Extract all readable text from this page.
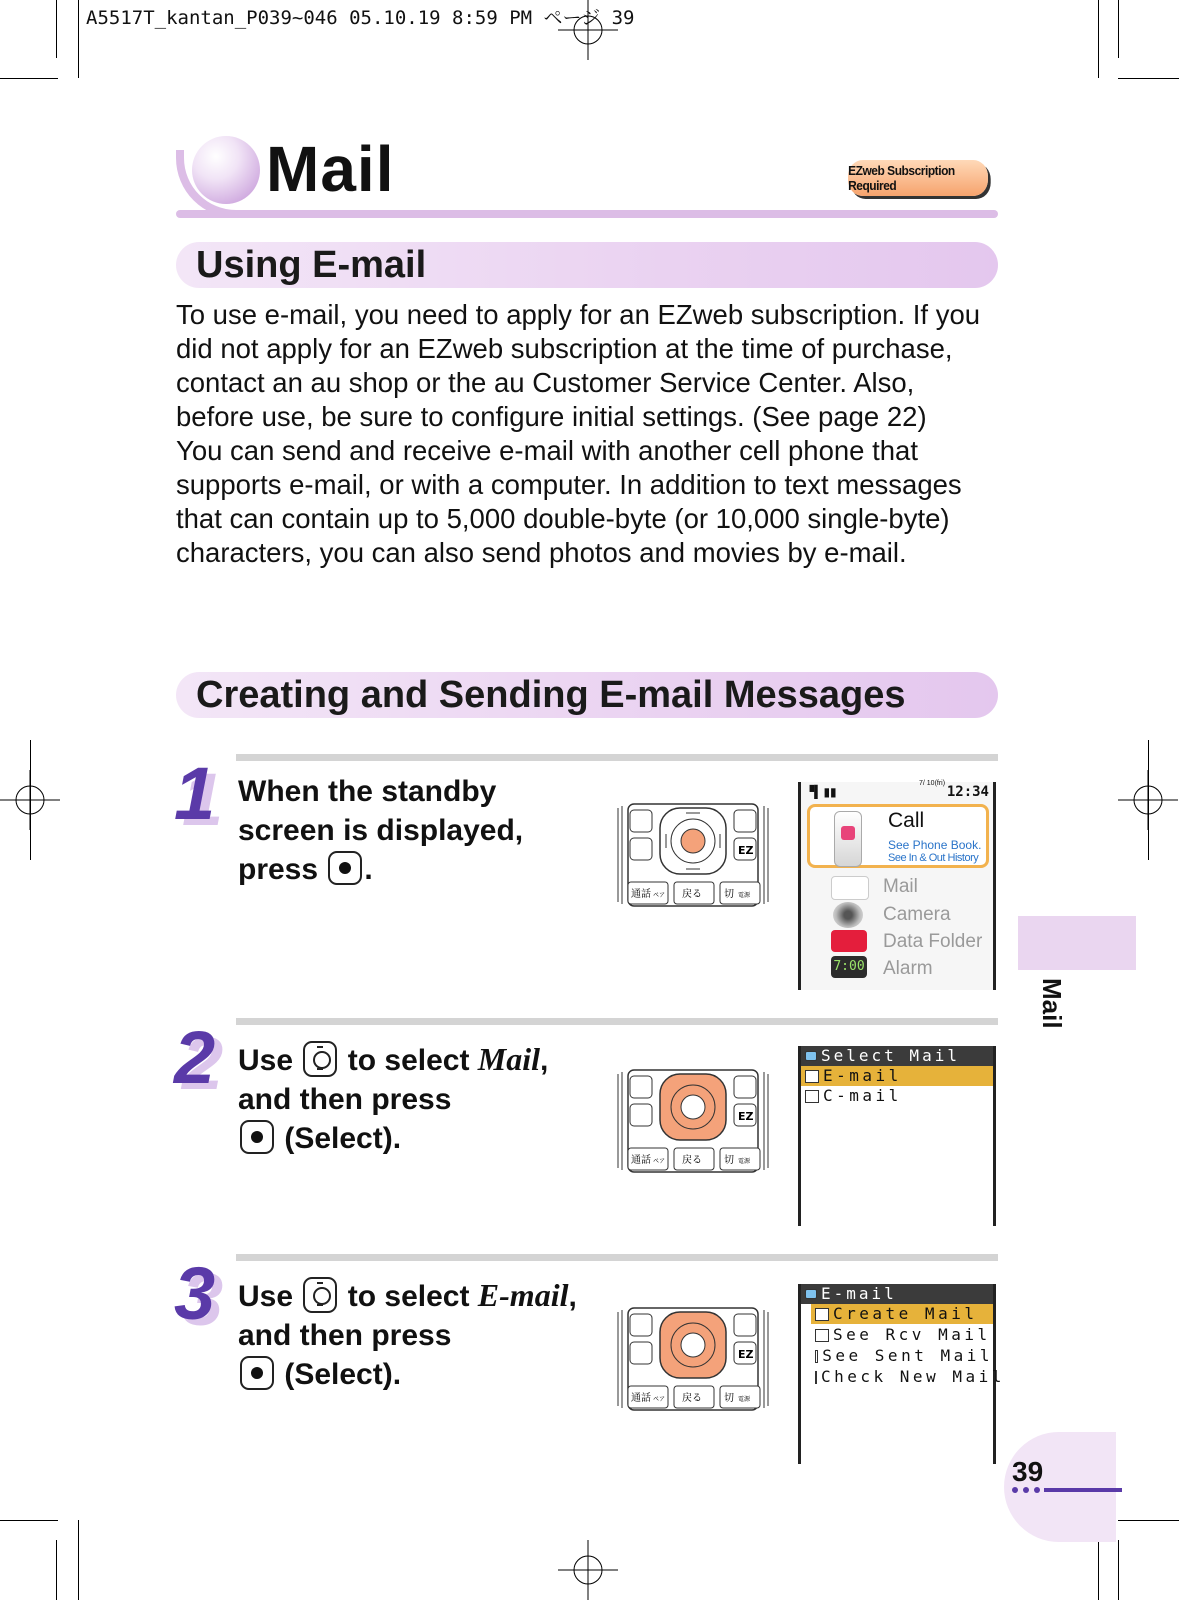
A5517T_kantan_P039~046 05.10.19 8:59 PM ページ 39
Mail	EZweb Subscription Required
Using E-mail

To use e-mail, you need to apply for an EZweb subscription. If you did not apply for an EZweb subscription at the time of purchase, contact an au shop or the au Customer Service Center. Also, before use, be sure to configure initial settings. (See page 22)

You can send and receive e-mail with another cell phone that supports e-mail, or with a computer. In addition to text messages that can contain up to 5,000 double-byte (or 10,000 single-byte) characters, you can also send photos and movies by e-mail.

Creating and Sending E-mail Messages
1 When the standby
screen is displayed,
press .
通話 ペア 戻る 切 電源
EZ
▝▍▮▮	12:34
7/ 10(fri)
Call
See Phone Book.
See In & Out History
Mail
Camera
Data Folder
7:00 Alarm
2 Use to select Mail,
and then press
(Select).
通話 ペア 戻る 切 電源
EZ
Select Mail
E-mail
C-mail
3 Use to select E-mail,
and then press
(Select).
通話 ペア 戻る 切 電源
EZ
E-mail
Create Mail
See Rcv Mail
See Sent Mail
Check New Mail
Mail
39
